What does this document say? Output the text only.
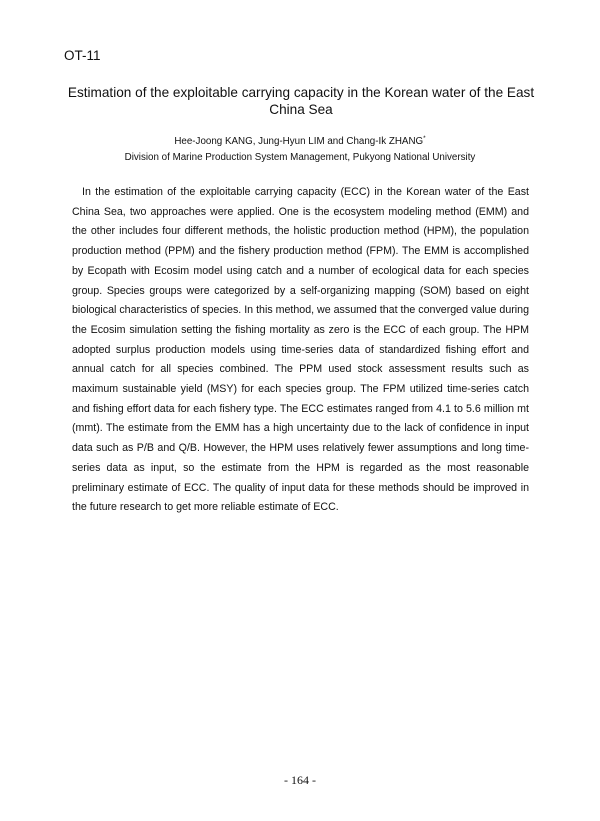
OT-11

Estimation of the exploitable carrying capacity in the Korean water of the East China Sea

Hee-Joong KANG, Jung-Hyun LIM and Chang-Ik ZHANG*

Division of Marine Production System Management, Pukyong National University

In the estimation of the exploitable carrying capacity (ECC) in the Korean water of the East China Sea, two approaches were applied. One is the ecosystem modeling method (EMM) and the other includes four different methods, the holistic production method (HPM), the population production method (PPM) and the fishery production method (FPM). The EMM is accomplished by Ecopath with Ecosim model using catch and a number of ecological data for each species group. Species groups were categorized by a self-organizing mapping (SOM) based on eight biological characteristics of species. In this method, we assumed that the converged value during the Ecosim simulation setting the fishing mortality as zero is the ECC of each group. The HPM adopted surplus production models using time-series data of standardized fishing effort and annual catch for all species combined. The PPM used stock assessment results such as maximum sustainable yield (MSY) for each species group. The FPM utilized time-series catch and fishing effort data for each fishery type. The ECC estimates ranged from 4.1 to 5.6 million mt (mmt). The estimate from the EMM has a high uncertainty due to the lack of confidence in input data such as P/B and Q/B. However, the HPM uses relatively fewer assumptions and long time-series data as input, so the estimate from the HPM is regarded as the most reasonable preliminary estimate of ECC. The quality of input data for these methods should be improved in the future research to get more reliable estimate of ECC.

- 164 -
